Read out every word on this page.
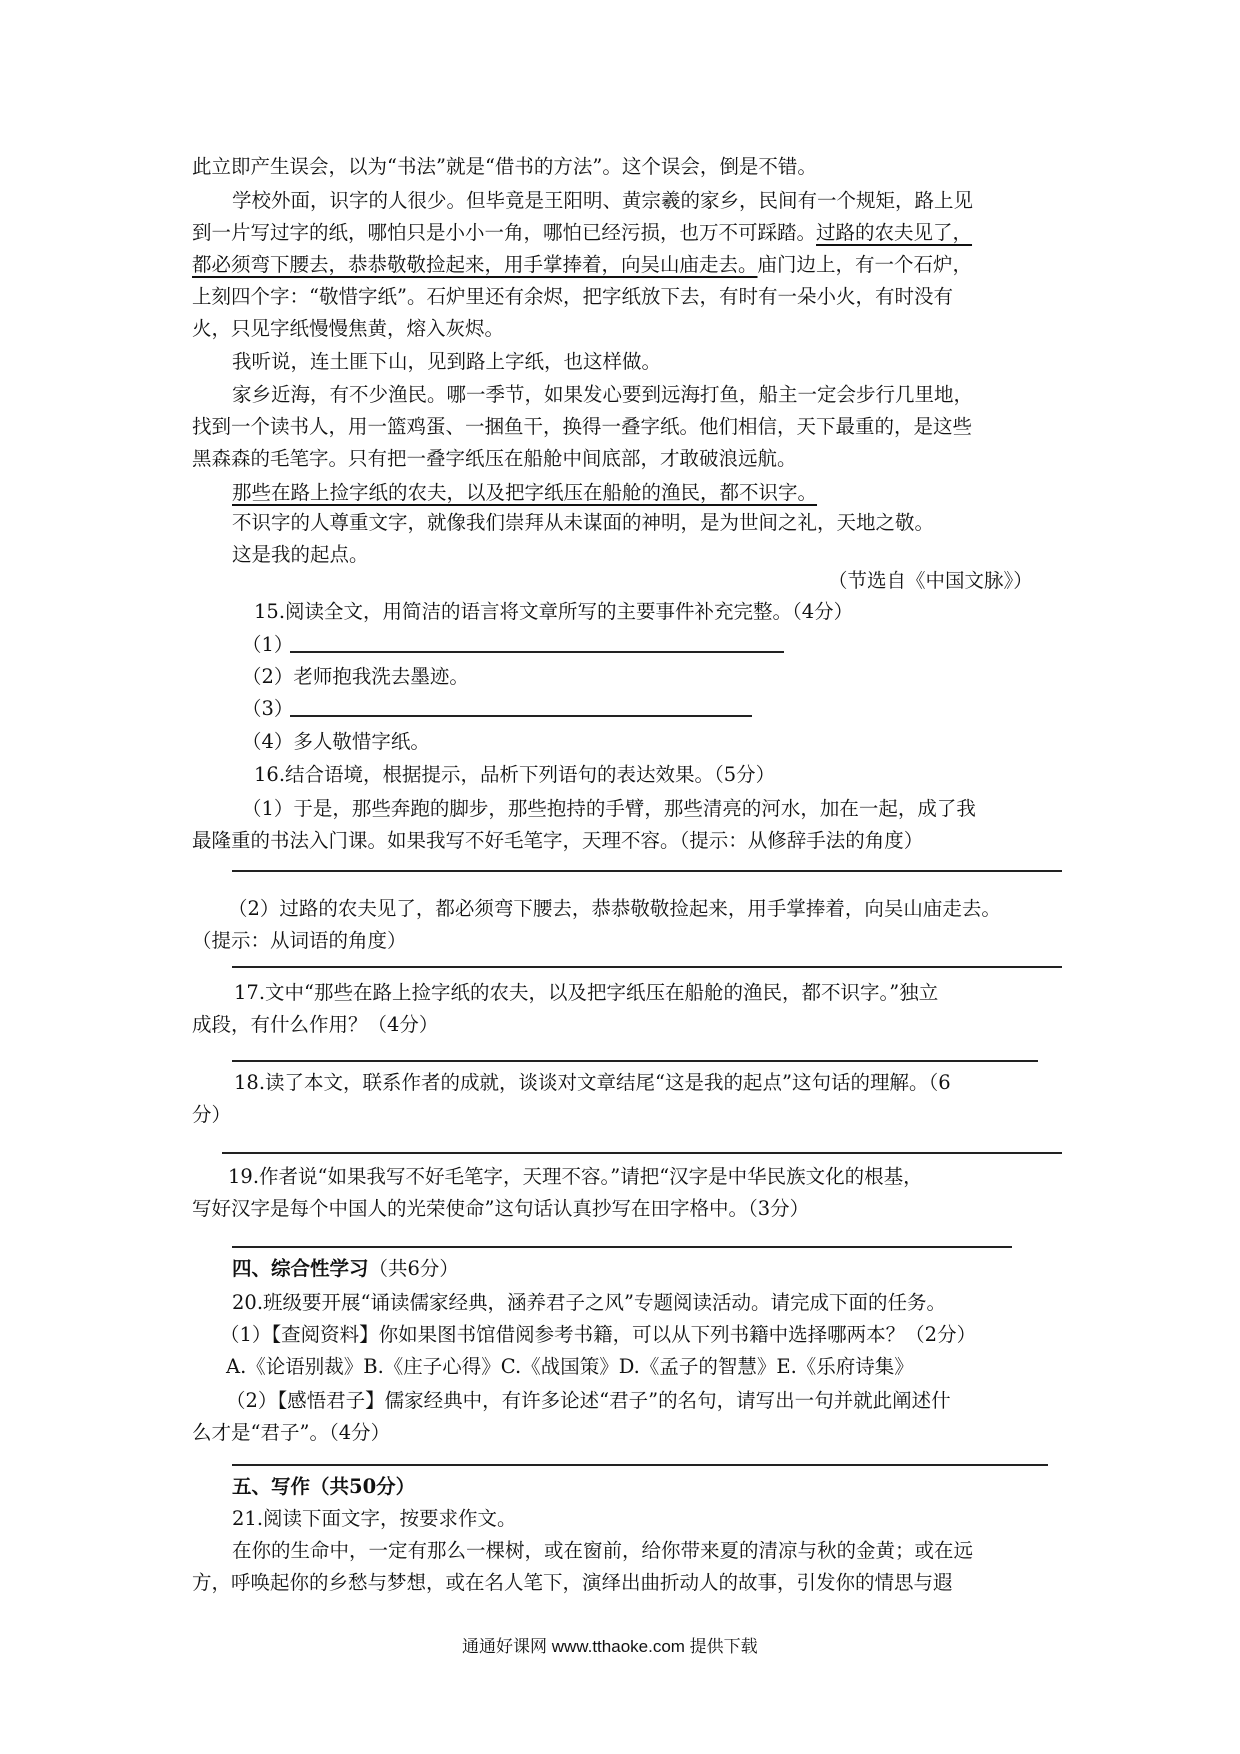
此立即产生误会，以为“书法”就是“借书的方法”。这个误会，倒是不错。
学校外面，识字的人很少。但毕竟是王阳明、黄宗羲的家乡，民间有一个规矩，路上见
到一片写过字的纸，哪怕只是小小一角，哪怕已经污损，也万不可踩踏。过路的农夫见了，
都必须弯下腰去，恭恭敬敬捡起来，用手掌捧着，向吴山庙走去。庙门边上，有一个石炉，
上刻四个字：“敬惜字纸”。石炉里还有余烬，把字纸放下去，有时有一朵小火，有时没有
火，只见字纸慢慢焦黄，熔入灰烬。
我听说，连土匪下山，见到路上字纸，也这样做。
家乡近海，有不少渔民。哪一季节，如果发心要到远海打鱼，船主一定会步行几里地，
找到一个读书人，用一篮鸡蛋、一捆鱼干，换得一叠字纸。他们相信，天下最重的，是这些
黑森森的毛笔字。只有把一叠字纸压在船舱中间底部，才敢破浪远航。
那些在路上捡字纸的农夫，以及把字纸压在船舱的渔民，都不识字。
不识字的人尊重文字，就像我们崇拜从未谋面的神明，是为世间之礼，天地之敬。
这是我的起点。
（节选自《中国文脉》）
15.阅读全文，用简洁的语言将文章所写的主要事件补充完整。（4分）
（1）
（2）老师抱我洗去墨迹。
（3）
（4）多人敬惜字纸。
16.结合语境，根据提示，品析下列语句的表达效果。（5分）
（1）于是，那些奔跑的脚步，那些抱持的手臂，那些清亮的河水，加在一起，成了我
最隆重的书法入门课。如果我写不好毛笔字，天理不容。（提示：从修辞手法的角度）
（2）过路的农夫见了，都必须弯下腰去，恭恭敬敬捡起来，用手掌捧着，向吴山庙走去。
（提示：从词语的角度）
17.文中“那些在路上捡字纸的农夫，以及把字纸压在船舱的渔民，都不识字。”独立
成段，有什么作用？（4分）
18.读了本文，联系作者的成就，谈谈对文章结尾“这是我的起点”这句话的理解。（6
分）
19.作者说“如果我写不好毛笔字，天理不容。”请把“汉字是中华民族文化的根基，
写好汉字是每个中国人的光荣使命”这句话认真抄写在田字格中。（3分）
四、综合性学习（共6分）
20.班级要开展“诵读儒家经典，涵养君子之风”专题阅读活动。请完成下面的任务。
（1）【查阅资料】你如果图书馆借阅参考书籍，可以从下列书籍中选择哪两本？（2分）
A.《论语别裁》B.《庄子心得》C.《战国策》D.《孟子的智慧》E.《乐府诗集》
（2）【感悟君子】儒家经典中，有许多论述“君子”的名句，请写出一句并就此阐述什
么才是“君子”。（4分）
五、写作（共50分）
21.阅读下面文字，按要求作文。
在你的生命中，一定有那么一棵树，或在窗前，给你带来夏的清凉与秋的金黄；或在远
方，呼唤起你的乡愁与梦想，或在名人笔下，演绎出曲折动人的故事，引发你的情思与遐
通通好课网 www.tthaoke.com 提供下载
